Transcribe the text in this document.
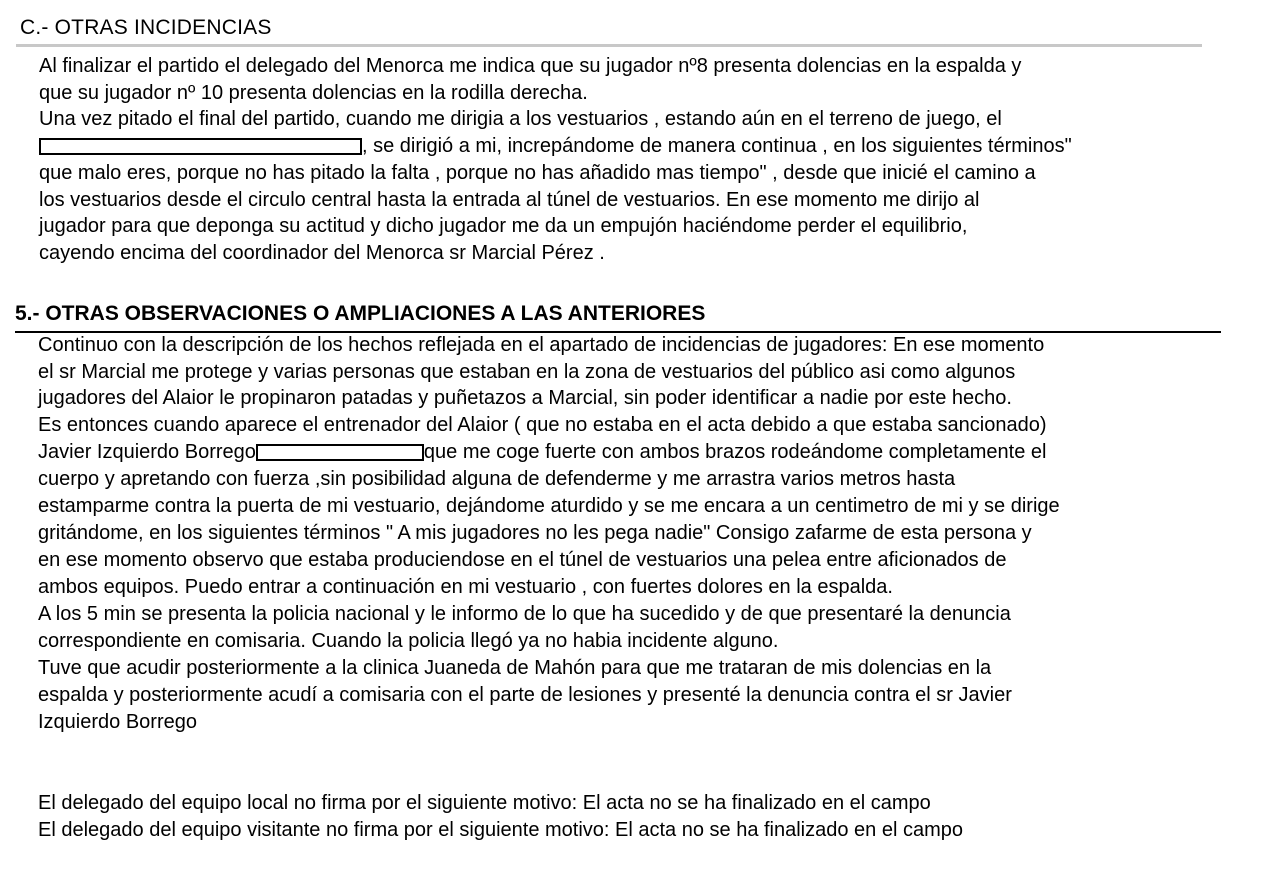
C.- OTRAS INCIDENCIAS
Al finalizar el partido el delegado del Menorca me indica que su jugador nº8 presenta dolencias en la espalda y
que su jugador nº 10 presenta dolencias en la rodilla derecha.
Una vez pitado el final del partido, cuando me dirigia a los vestuarios , estando aún en el terreno de juego, el
, se dirigió a mi, increpándome de manera continua , en los siguientes términos"
que malo eres, porque no has pitado la falta , porque no has añadido mas tiempo" , desde que inicié el camino a
los vestuarios desde el circulo central hasta la entrada al túnel de vestuarios. En ese momento me dirijo al
jugador para que deponga su actitud y dicho jugador me da un empujón haciéndome perder el equilibrio,
cayendo encima del coordinador del Menorca sr Marcial Pérez .
5.- OTRAS OBSERVACIONES O AMPLIACIONES A LAS ANTERIORES
Continuo con la descripción de los hechos reflejada en el apartado de incidencias de jugadores: En ese momento
el sr Marcial me protege y varias personas que estaban en la zona de vestuarios del público asi como algunos
jugadores del Alaior le propinaron patadas y puñetazos a Marcial, sin poder identificar a nadie por este hecho.
Es entonces cuando aparece el entrenador del Alaior ( que no estaba en el acta debido a que estaba sancionado)
Javier Izquierdo Borrego	que me coge fuerte con ambos brazos rodeándome completamente el
cuerpo y apretando con fuerza ,sin posibilidad alguna de defenderme y me arrastra varios metros hasta
estamparme contra la puerta de mi vestuario, dejándome aturdido y se me encara a un centimetro de mi y se dirige
gritándome, en los siguientes términos " A mis jugadores no les pega nadie" Consigo zafarme de esta persona y
en ese momento observo que estaba produciendose en el túnel de vestuarios una pelea entre aficionados de
ambos equipos. Puedo entrar a continuación en mi vestuario , con fuertes dolores en la espalda.
A los 5 min se presenta la policia nacional y le informo de lo que ha sucedido y de que presentaré la denuncia
correspondiente en comisaria. Cuando la policia llegó ya no habia incidente alguno.
Tuve que acudir posteriormente a la clinica Juaneda de Mahón para que me trataran de mis dolencias en la
espalda y posteriormente acudí a comisaria con el parte de lesiones y presenté la denuncia contra el sr Javier
Izquierdo Borrego
El delegado del equipo local no firma por el siguiente motivo: El acta no se ha finalizado en el campo
El delegado del equipo visitante no firma por el siguiente motivo: El acta no se ha finalizado en el campo
